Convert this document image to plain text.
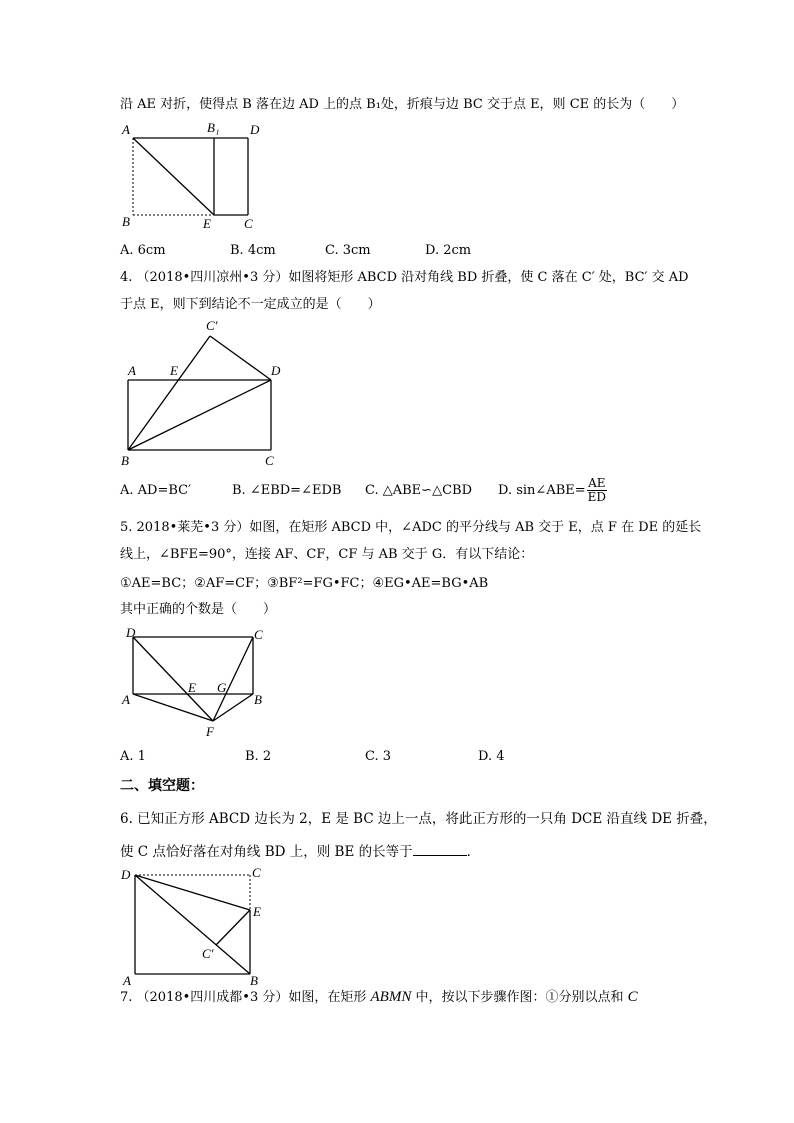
沿 AE 对折，使得点 B 落在边 AD 上的点 B₁处，折痕与边 BC 交于点 E，则 CE 的长为（　　）
A	B₁ D
B	E	C
A. 6cm	B. 4cm	C. 3cm	D. 2cm
4. （2018•四川凉州•3 分）如图将矩形 ABCD 沿对角线 BD 折叠，使 C 落在 C′ 处，BC′ 交 AD
于点 E，则下到结论不一定成立的是（　　）
C′
A	E	D
B	C
A. AD=BC′	B. ∠EBD=∠EDB C. △ABE∽△CBD D. sin∠ABE= $\frac{AE}{ED}$
5. 2018•莱芜•3 分）如图，在矩形 ABCD 中，∠ADC 的平分线与 AB 交于 E，点 F 在 DE 的延长
线上，∠BFE=90°，连接 AF、CF，CF 与 AB 交于 G．有以下结论：
①AE=BC；②AF=CF；③BF²=FG•FC；④EG•AE=BG•AB
其中正确的个数是（　　）
D	C
E G
A	B
F
A. 1	B. 2	C. 3	D. 4
二、填空题：
6. 已知正方形 ABCD 边长为 2，E 是 BC 边上一点，将此正方形的一只角 DCE 沿直线 DE 折叠，
使 C 点恰好落在对角线 BD 上，则 BE 的长等于	．
D	C
E
C′
A	B
7. （2018•四川成都•3 分）如图，在矩形 ABMN 中，按以下步骤作图：①分别以点和 C
